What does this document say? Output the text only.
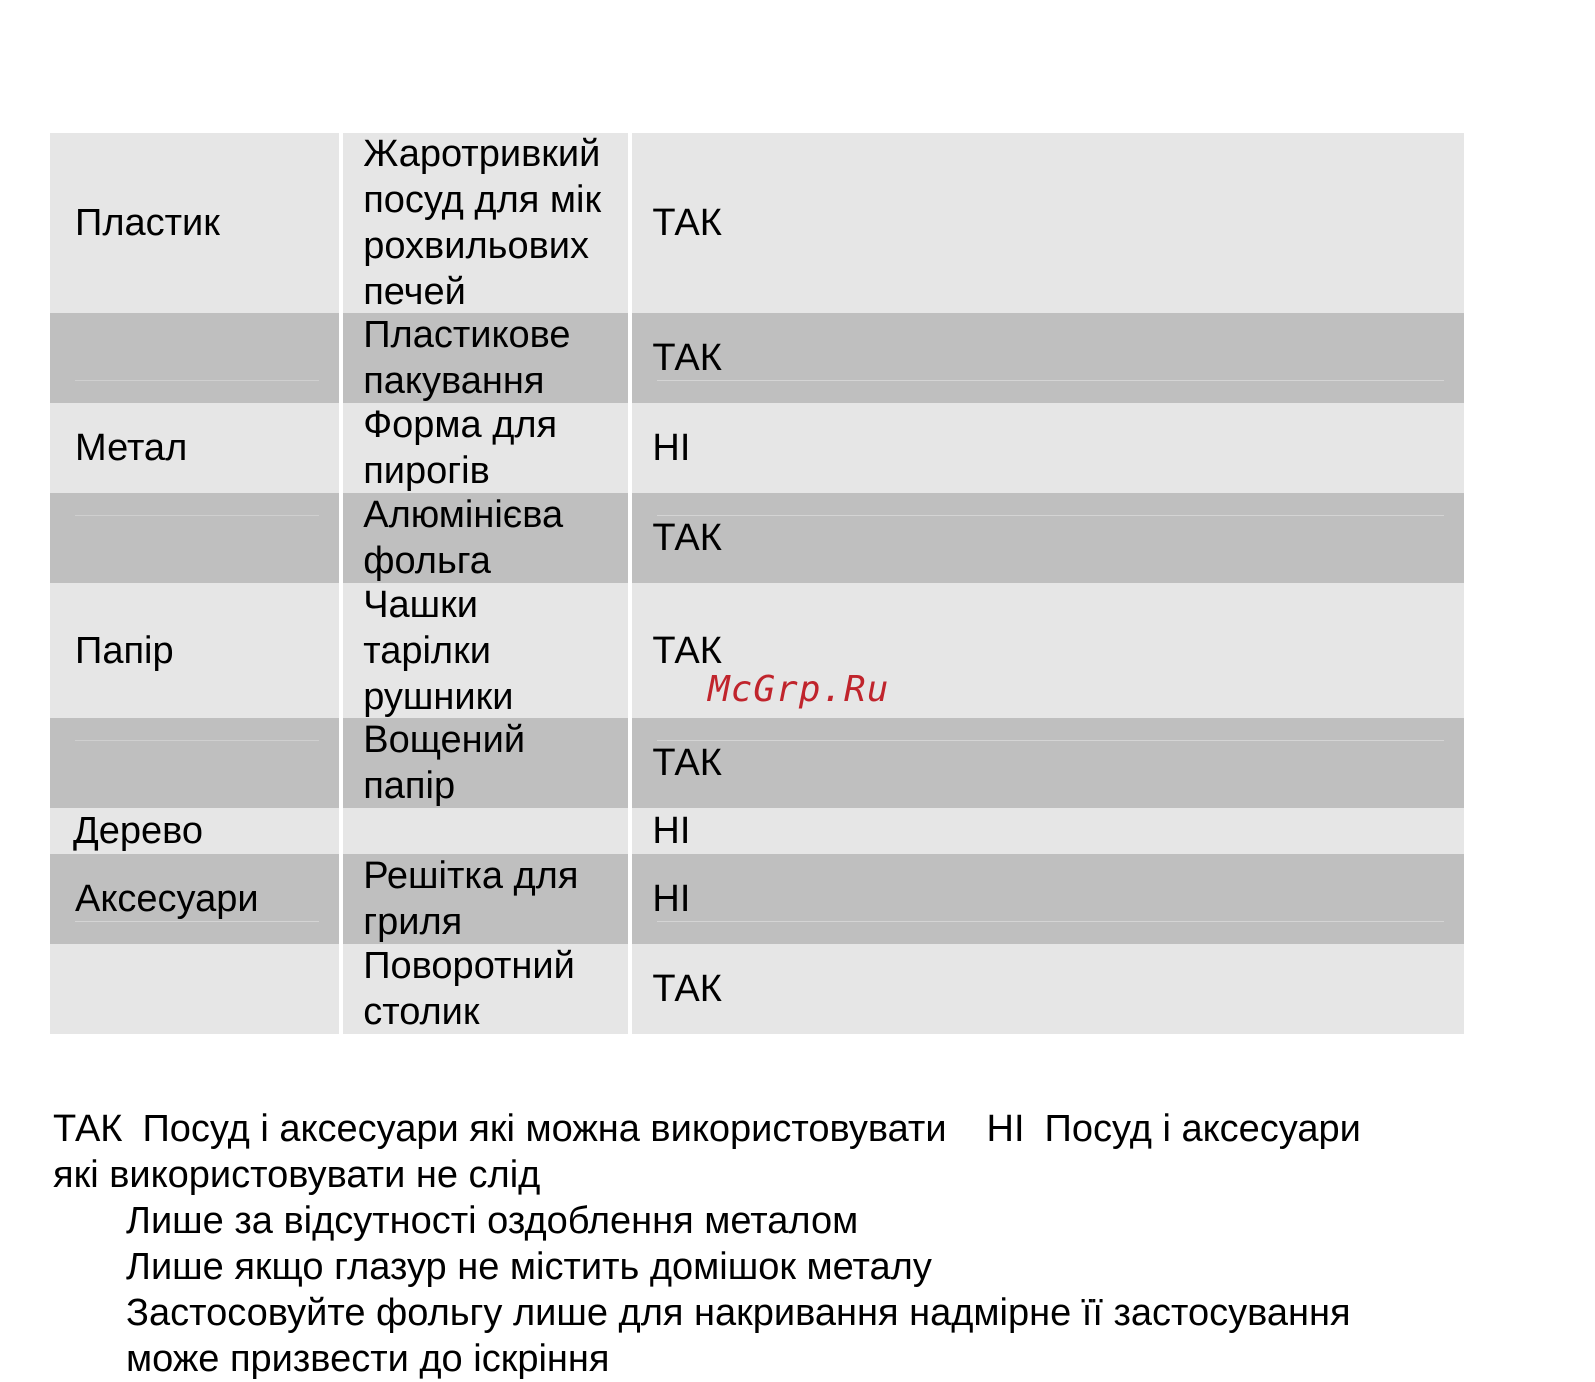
Пластик
Жаротривкий посуд для мікрохвильових печей
ТАК
Пластикове пакування
ТАК
Метал
Форма для пирогів
НІ
Алюмінієва фольга
ТАК
Папір
Чашки тарілки рушники
ТАК
Вощений папір
ТАК
Дерево	НІ
Аксесуари
Решітка для гриля
НІ
Поворотний столик
ТАК
McGrp.Ru

ТАК Посуд і аксесуари які можна використовувати НІ Посуд і аксесуари

які використовувати не слід

Лише за відсутності оздоблення металом

Лише якщо глазур не містить домішок металу

Застосовуйте фольгу лише для накривання надмірне її застосування

може призвести до іскріння
